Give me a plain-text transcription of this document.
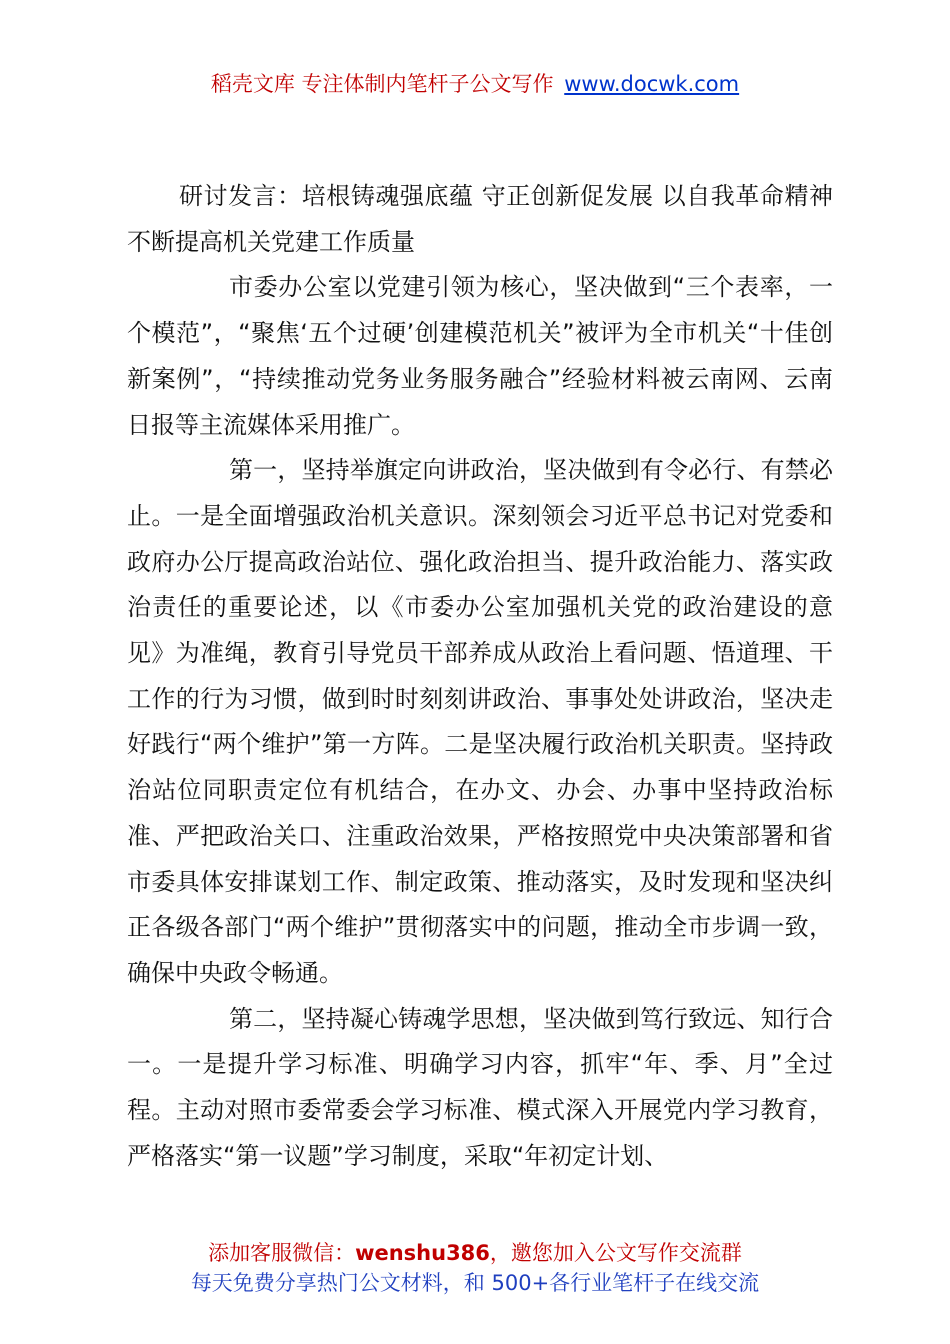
稻壳文库 专注体制内笔杆子公文写作 www.docwk.com

研讨发言：培根铸魂强底蕴 守正创新促发展 以自我革命精神不断提高机关党建工作质量

市委办公室以党建引领为核心，坚决做到“三个表率，一个模范”，“聚焦‘五个过硬’创建模范机关”被评为全市机关“十佳创新案例”，“持续推动党务业务服务融合”经验材料被云南网、云南日报等主流媒体采用推广。

第一，坚持举旗定向讲政治，坚决做到有令必行、有禁必止。一是全面增强政治机关意识。深刻领会习近平总书记对党委和政府办公厅提高政治站位、强化政治担当、提升政治能力、落实政治责任的重要论述，以《市委办公室加强机关党的政治建设的意见》为准绳，教育引导党员干部养成从政治上看问题、悟道理、干工作的行为习惯，做到时时刻刻讲政治、事事处处讲政治，坚决走好践行“两个维护”第一方阵。二是坚决履行政治机关职责。坚持政治站位同职责定位有机结合，在办文、办会、办事中坚持政治标准、严把政治关口、注重政治效果，严格按照党中央决策部署和省市委具体安排谋划工作、制定政策、推动落实，及时发现和坚决纠正各级各部门“两个维护”贯彻落实中的问题，推动全市步调一致，确保中央政令畅通。

第二，坚持凝心铸魂学思想，坚决做到笃行致远、知行合一。一是提升学习标准、明确学习内容，抓牢“年、季、月”全过程。主动对照市委常委会学习标准、模式深入开展党内学习教育，严格落实“第一议题”学习制度，采取“年初定计划、

添加客服微信：wenshu386，邀您加入公文写作交流群
每天免费分享热门公文材料，和 500+各行业笔杆子在线交流
